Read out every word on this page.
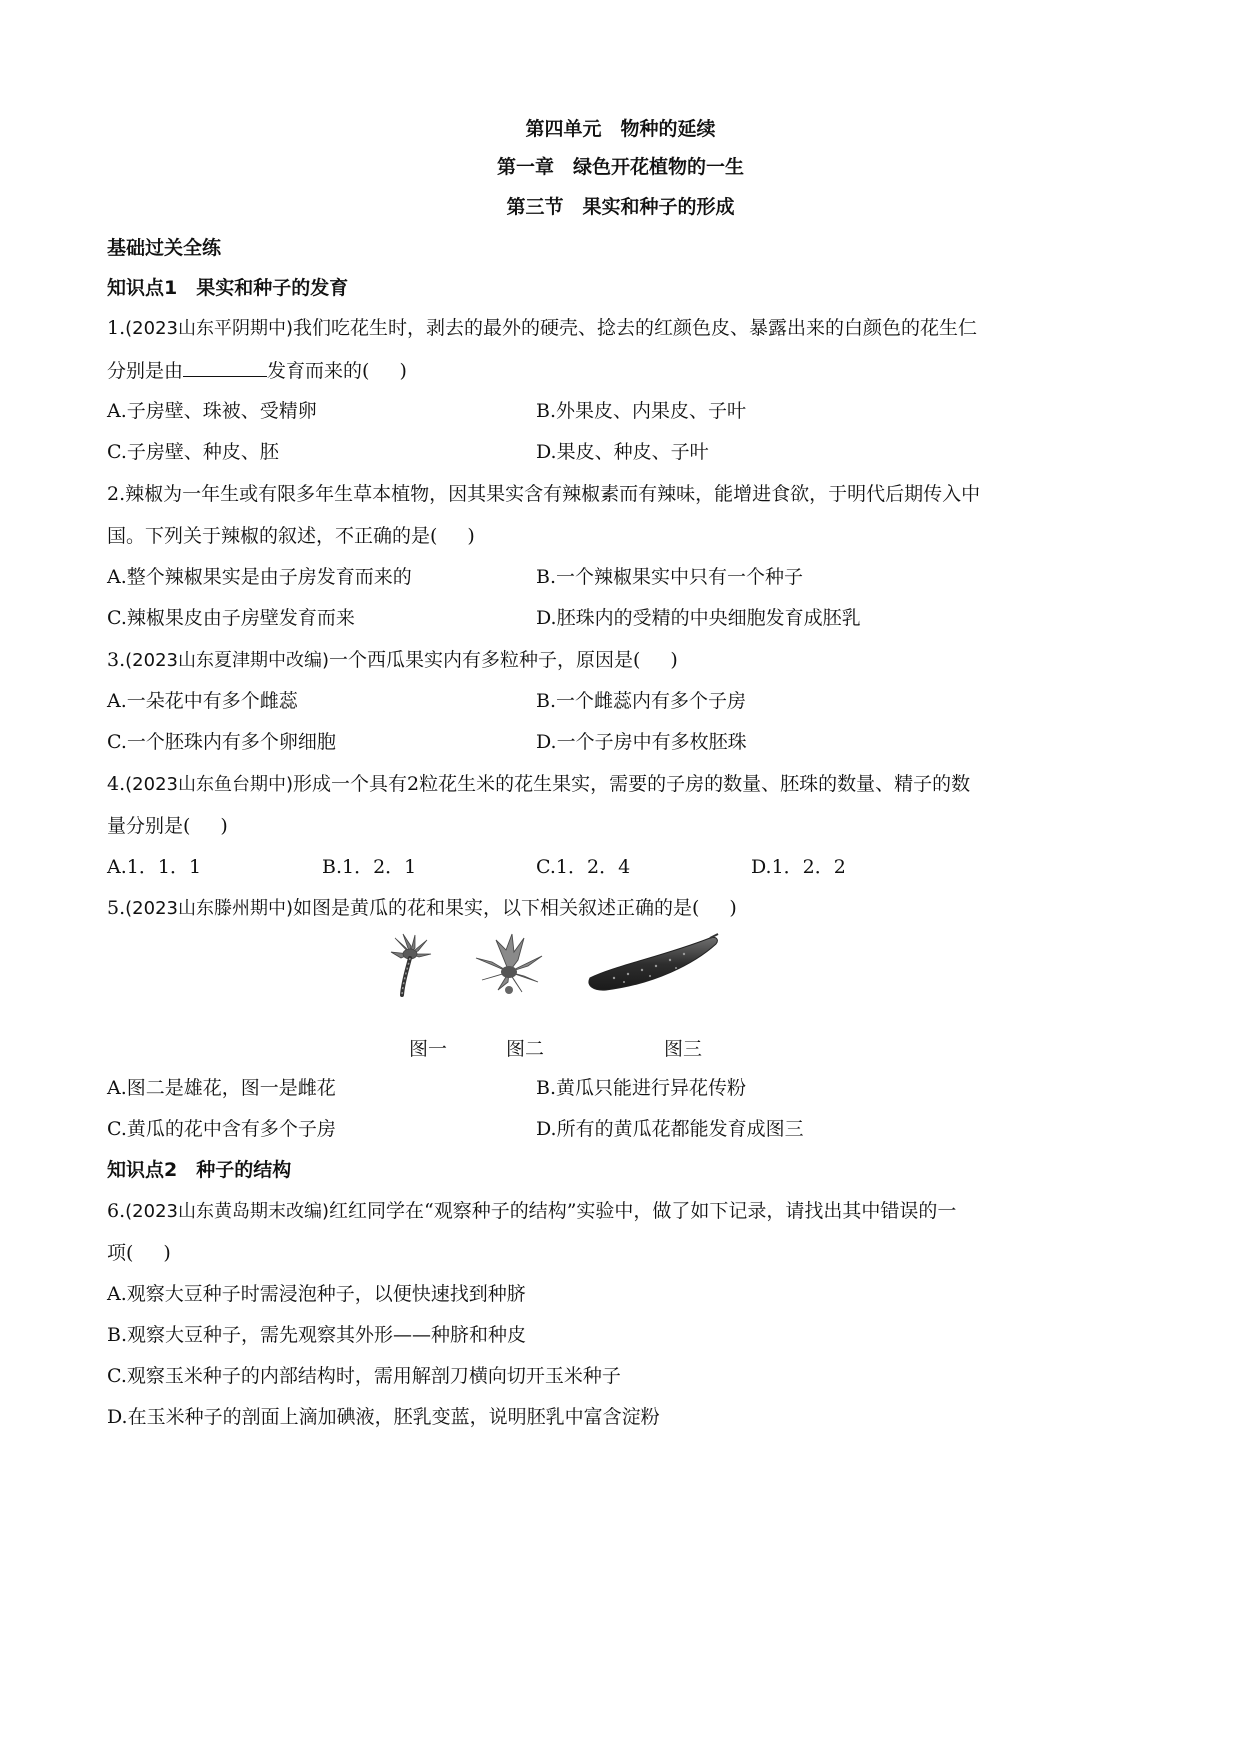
第四单元　物种的延续
第一章　绿色开花植物的一生
第三节　果实和种子的形成
基础过关全练
知识点1　果实和种子的发育
1.(2023山东平阴期中)我们吃花生时，剥去的最外的硬壳、捻去的红颜色皮、暴露出来的白颜色的花生仁
分别是由	发育而来的( )
A.子房壁、珠被、受精卵	B.外果皮、内果皮、子叶
C.子房壁、种皮、胚	D.果皮、种皮、子叶
2.辣椒为一年生或有限多年生草本植物，因其果实含有辣椒素而有辣味，能增进食欲，于明代后期传入中
国。下列关于辣椒的叙述，不正确的是( )
A.整个辣椒果实是由子房发育而来的	B.一个辣椒果实中只有一个种子
C.辣椒果皮由子房壁发育而来	D.胚珠内的受精的中央细胞发育成胚乳
3.(2023山东夏津期中改编)一个西瓜果实内有多粒种子，原因是( )
A.一朵花中有多个雌蕊	B.一个雌蕊内有多个子房
C.一个胚珠内有多个卵细胞	D.一个子房中有多枚胚珠
4.(2023山东鱼台期中)形成一个具有2粒花生米的花生果实，需要的子房的数量、胚珠的数量、精子的数
量分别是( )
A.1．1．1	B.1．2．1	C.1．2．4	D.1．2．2
5.(2023山东滕州期中)如图是黄瓜的花和果实，以下相关叙述正确的是( )
图一	图二	图三
A.图二是雄花，图一是雌花	B.黄瓜只能进行异花传粉
C.黄瓜的花中含有多个子房	D.所有的黄瓜花都能发育成图三
知识点2　种子的结构
6.(2023山东黄岛期末改编)红红同学在“观察种子的结构”实验中，做了如下记录，请找出其中错误的一
项( )
A.观察大豆种子时需浸泡种子，以便快速找到种脐
B.观察大豆种子，需先观察其外形——种脐和种皮
C.观察玉米种子的内部结构时，需用解剖刀横向切开玉米种子
D.在玉米种子的剖面上滴加碘液，胚乳变蓝，说明胚乳中富含淀粉
